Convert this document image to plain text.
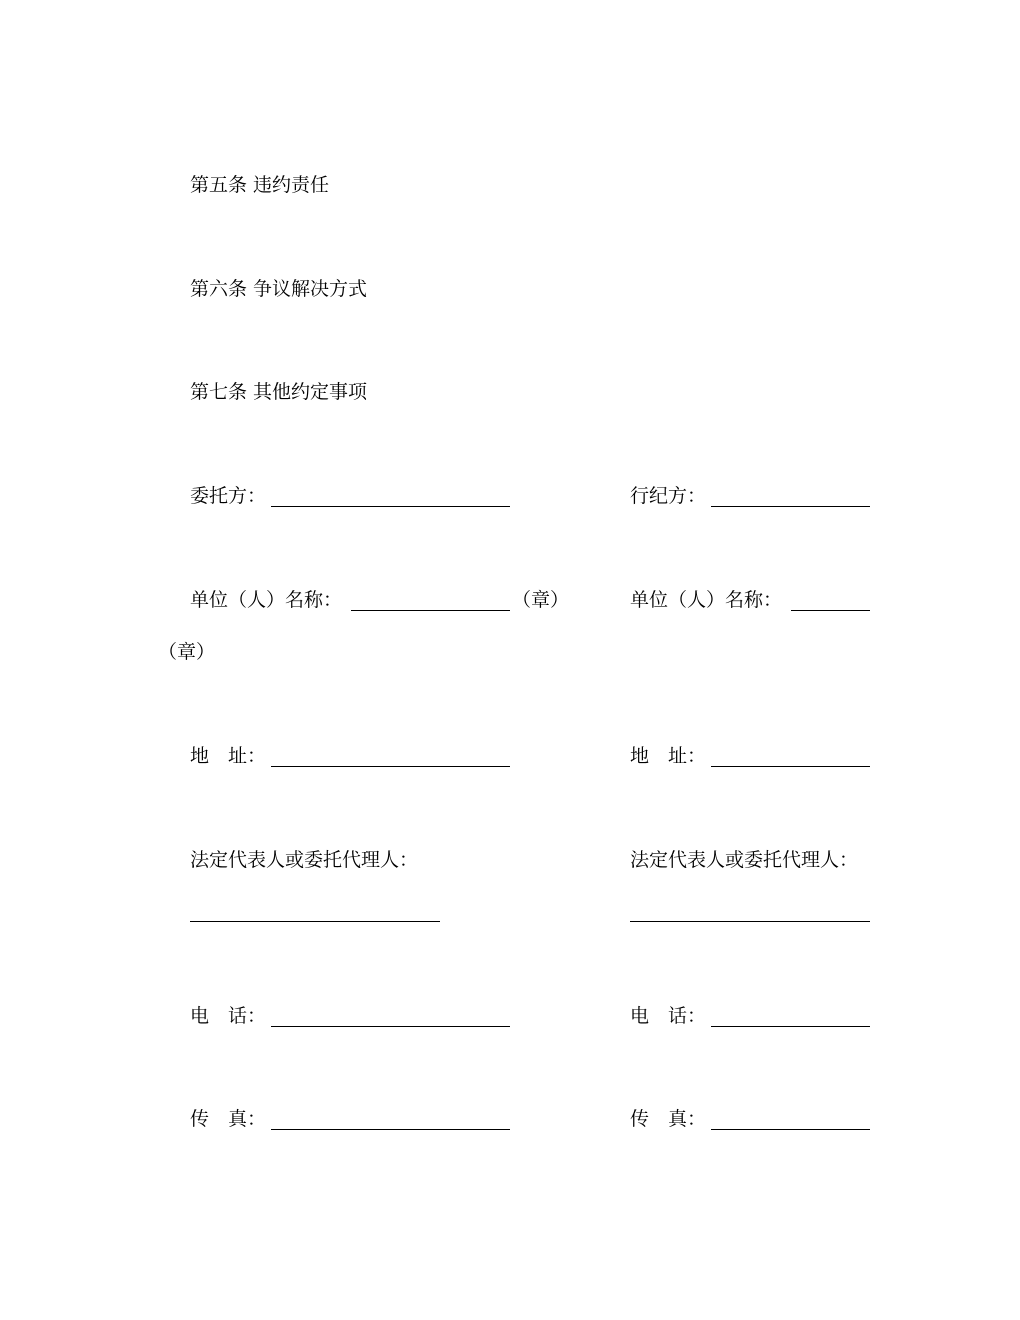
第五条 违约责任
第六条 争议解决方式
第七条 其他约定事项
委托方：	行纪方：
单位（人）名称：	（章）	单位（人）名称：
（章）
地　址：	地　址：
法定代表人或委托代理人：	法定代表人或委托代理人：
电　话：	电　话：
传　真：	传　真：
